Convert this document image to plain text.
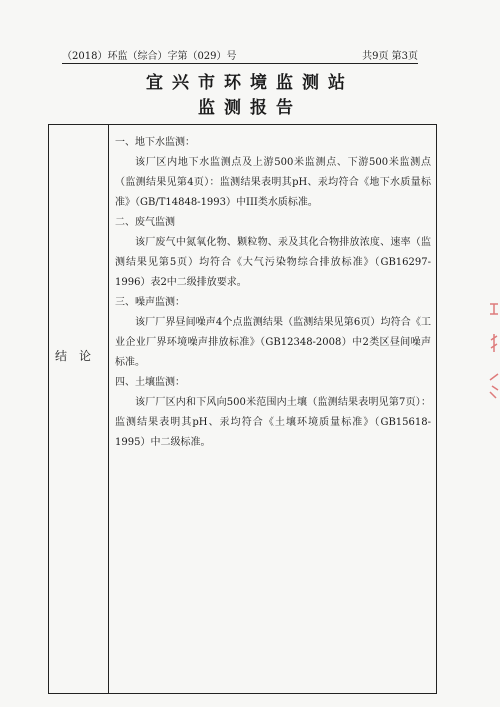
（2018）环监（综合）字第（029）号	共9页 第3页
宜兴市环境监测站
监测报告
结论

一、地下水监测：

该厂区内地下水监测点及上游500米监测点、下游500米监测点（监测结果见第4页）：监测结果表明其pH、汞均符合《地下水质量标准》（GB/T14848-1993）中III类水质标准。

二、废气监测

该厂废气中氮氧化物、颗粒物、汞及其化合物排放浓度、速率（监测结果见第5页）均符合《大气污染物综合排放标准》（GB16297-1996）表2中二级排放要求。

三、噪声监测：

该厂厂界昼间噪声4个点监测结果（监测结果见第6页）均符合《工业企业厂界环境噪声排放标准》（GB12348-2008）中2类区昼间噪声标准。

四、土壤监测：

该厂厂区内和下风向500米范围内土壤（监测结果表明见第7页）：监测结果表明其pH、汞均符合《土壤环境质量标准》（GB15618-1995）中二级标准。
